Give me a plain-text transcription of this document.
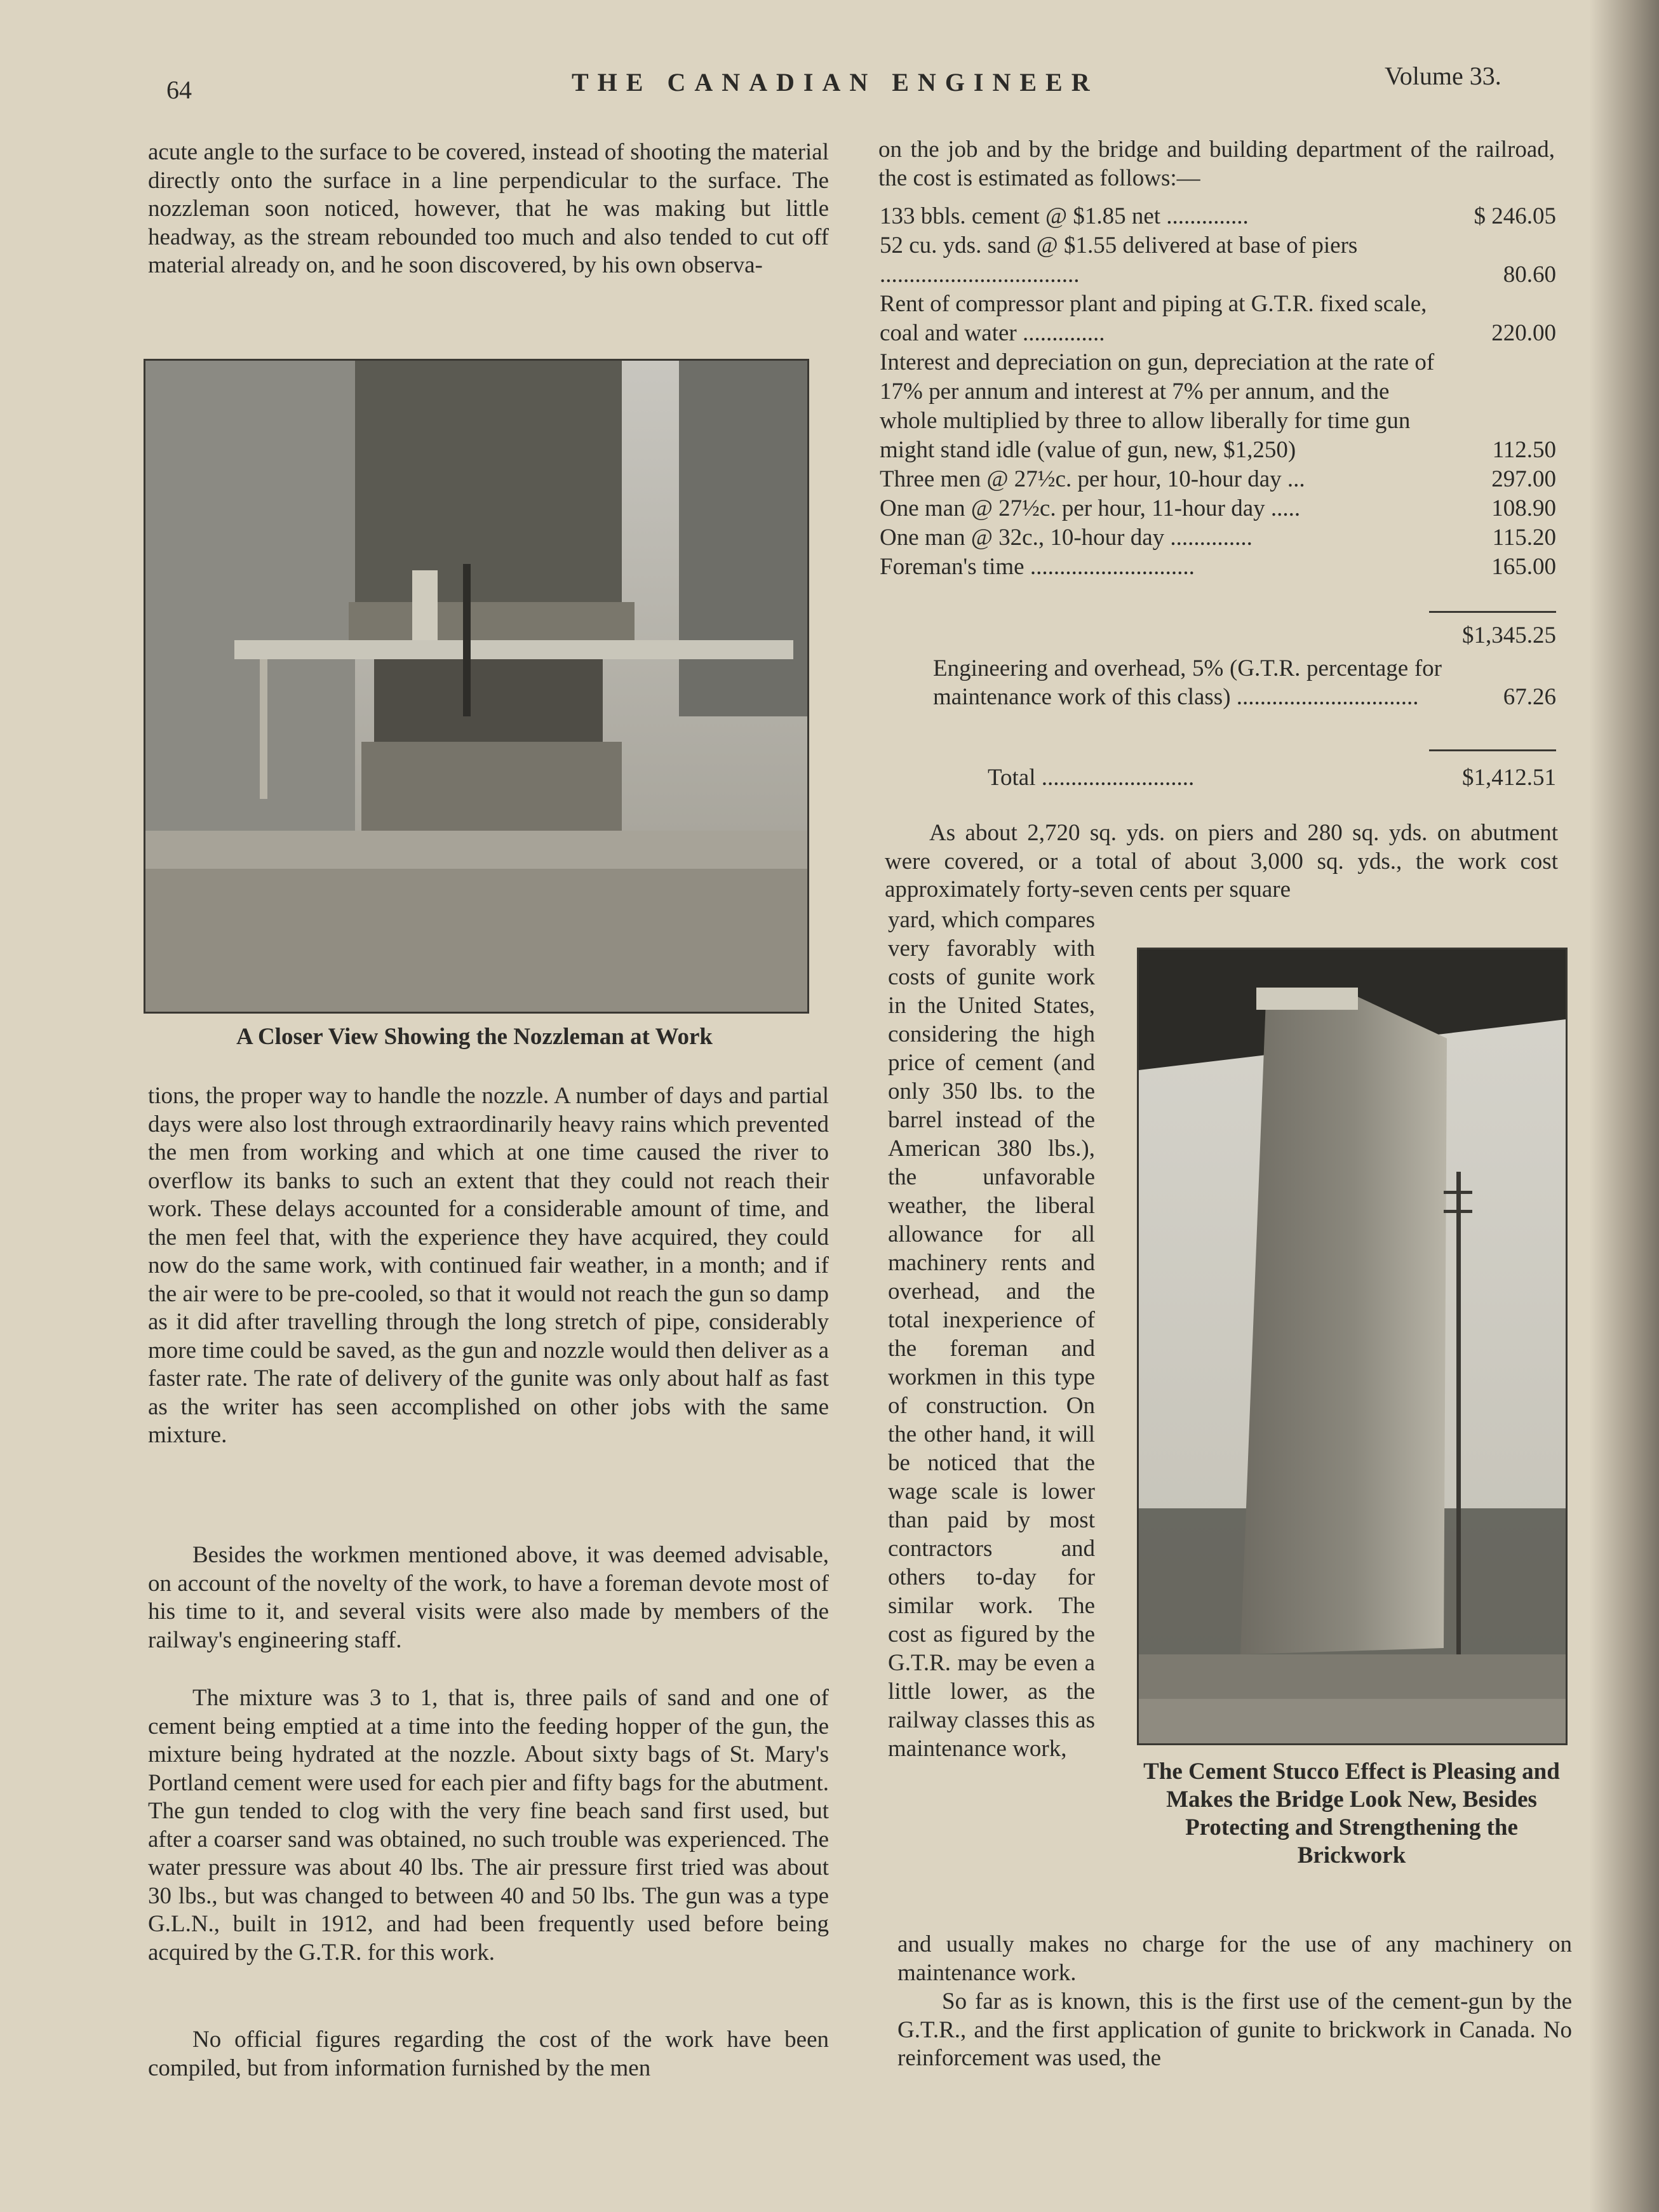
64	THE CANADIAN ENGINEER	Volume 33.

acute angle to the surface to be covered, instead of shooting the material directly onto the surface in a line perpendicular to the surface. The nozzleman soon noticed, however, that he was making but little headway, as the stream rebounded too much and also tended to cut off material already on, and he soon discovered, by his own observa-

A Closer View Showing the Nozzleman at Work

tions, the proper way to handle the nozzle. A number of days and partial days were also lost through extraordinarily heavy rains which prevented the men from working and which at one time caused the river to overflow its banks to such an extent that they could not reach their work. These delays accounted for a considerable amount of time, and the men feel that, with the experience they have acquired, they could now do the same work, with continued fair weather, in a month; and if the air were to be pre-cooled, so that it would not reach the gun so damp as it did after travelling through the long stretch of pipe, considerably more time could be saved, as the gun and nozzle would then deliver as a faster rate. The rate of delivery of the gunite was only about half as fast as the writer has seen accomplished on other jobs with the same mixture.

Besides the workmen mentioned above, it was deemed advisable, on account of the novelty of the work, to have a foreman devote most of his time to it, and several visits were also made by members of the railway's engineering staff.

The mixture was 3 to 1, that is, three pails of sand and one of cement being emptied at a time into the feeding hopper of the gun, the mixture being hydrated at the nozzle. About sixty bags of St. Mary's Portland cement were used for each pier and fifty bags for the abutment. The gun tended to clog with the very fine beach sand first used, but after a coarser sand was obtained, no such trouble was experienced. The water pressure was about 40 lbs. The air pressure first tried was about 30 lbs., but was changed to between 40 and 50 lbs. The gun was a type G.L.N., built in 1912, and had been frequently used before being acquired by the G.T.R. for this work.

No official figures regarding the cost of the work have been compiled, but from information furnished by the men

on the job and by the bridge and building department of the railroad, the cost is estimated as follows:—

133 bbls. cement @ $1.85 net ..............	$ 246.05
52 cu. yds. sand @ $1.55 delivered at base of piers ..................................	80.60
Rent of compressor plant and piping at G.T.R. fixed scale, coal and water ..............	220.00
Interest and depreciation on gun, depreciation at the rate of 17% per annum and interest at 7% per annum, and the whole multiplied by three to allow liberally for time gun might stand idle (value of gun, new, $1,250)	112.50
Three men @ 27½c. per hour, 10-hour day ...	297.00
One man @ 27½c. per hour, 11-hour day .....	108.90
One man @ 32c., 10-hour day ..............	115.20
Foreman's time ............................	165.00
$1,345.25
Engineering and overhead, 5% (G.T.R. percentage for maintenance work of this class) ...............................	67.26
Total ..........................	$1,412.51

As about 2,720 sq. yds. on piers and 280 sq. yds. on abutment were covered, or a total of about 3,000 sq. yds., the work cost approximately forty-seven cents per square

yard, which compares very favorably with costs of gunite work in the United States, considering the high price of cement (and only 350 lbs. to the barrel instead of the American 380 lbs.), the unfavorable weather, the liberal allowance for all machinery rents and overhead, and the total inexperience of the foreman and workmen in this type of construction. On the other hand, it will be noticed that the wage scale is lower than paid by most contractors and others to-day for similar work. The cost as figured by the G.T.R. may be even a little lower, as the railway classes this as maintenance work,

The Cement Stucco Effect is Pleasing and Makes the Bridge Look New, Besides Protecting and Strengthening the Brickwork

and usually makes no charge for the use of any machinery on maintenance work.

So far as is known, this is the first use of the cement-gun by the G.T.R., and the first application of gunite to brickwork in Canada. No reinforcement was used, the
